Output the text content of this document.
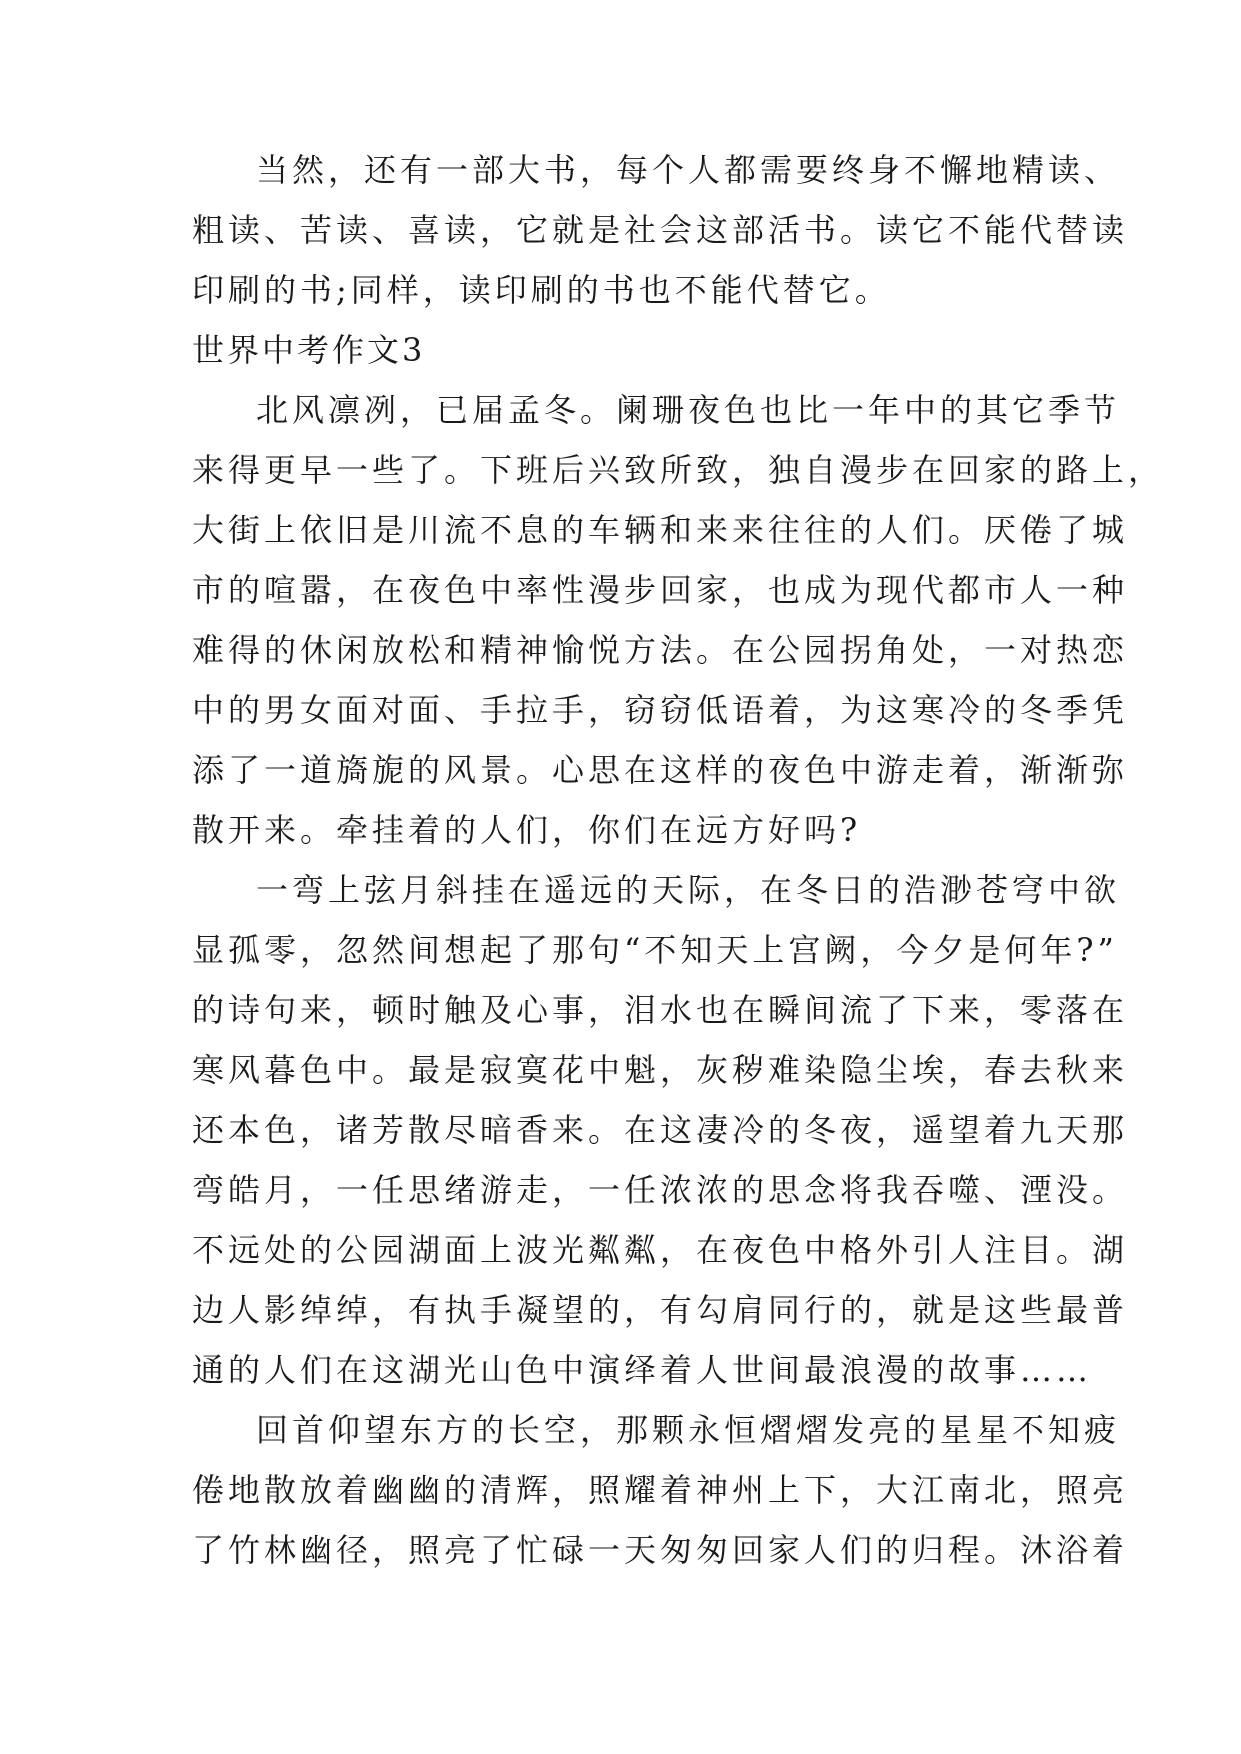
当然，还有一部大书，每个人都需要终身不懈地精读、

粗读、苦读、喜读，它就是社会这部活书。读它不能代替读

印刷的书;同样，读印刷的书也不能代替它。

世界中考作文3

北风凛冽，已届孟冬。阑珊夜色也比一年中的其它季节

来得更早一些了。下班后兴致所致，独自漫步在回家的路上，

大街上依旧是川流不息的车辆和来来往往的人们。厌倦了城

市的喧嚣，在夜色中率性漫步回家，也成为现代都市人一种

难得的休闲放松和精神愉悦方法。在公园拐角处，一对热恋

中的男女面对面、手拉手，窃窃低语着，为这寒冷的冬季凭

添了一道旖旎的风景。心思在这样的夜色中游走着，渐渐弥

散开来。牵挂着的人们，你们在远方好吗?

一弯上弦月斜挂在遥远的天际，在冬日的浩渺苍穹中欲

显孤零，忽然间想起了那句“不知天上宫阙，今夕是何年?”

的诗句来，顿时触及心事，泪水也在瞬间流了下来，零落在

寒风暮色中。最是寂寞花中魁，灰秽难染隐尘埃，春去秋来

还本色，诸芳散尽暗香来。在这凄冷的冬夜，遥望着九天那

弯皓月，一任思绪游走，一任浓浓的思念将我吞噬、湮没。

不远处的公园湖面上波光粼粼，在夜色中格外引人注目。湖

边人影绰绰，有执手凝望的，有勾肩同行的，就是这些最普

通的人们在这湖光山色中演绎着人世间最浪漫的故事……

回首仰望东方的长空，那颗永恒熠熠发亮的星星不知疲

倦地散放着幽幽的清辉，照耀着神州上下，大江南北，照亮

了竹林幽径，照亮了忙碌一天匆匆回家人们的归程。沐浴着
